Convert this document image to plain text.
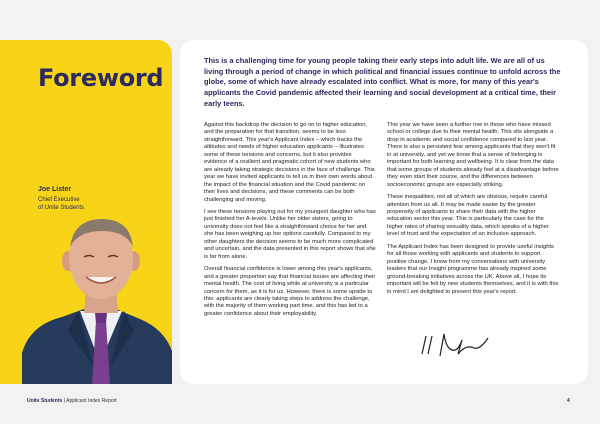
Foreword
Joe Lister
Chief Executive
of Unite Students

This is a challenging time for young people taking their early steps into adult life. We are all of us living through a period of change in which political and financial issues continue to unfold across the globe, some of which have already escalated into conflict. What is more, for many of this year's applicants the Covid pandemic affected their learning and social development at a critical time, their early teens.

Against this backdrop the decision to go on to higher education, and the preparation for that transition, seems to be less straightforward. This year's Applicant Index – which tracks the altitudes and needs of higher education applicants – illustrates some of these tensions and concerns, but it also provides evidence of a resilient and pragmatic cohort of new students who are already taking strategic decisions in the face of challenge. This year we have invited applicants to tell us in their own words about the impact of the financial situation and the Covid pandemic on their lives and decisions, and these comments can be both challenging and moving.

I see these tensions playing out for my youngest daughter who has just finished her A-levels. Unlike her older sisters, going to university does not feel like a straightforward choice for her and she has been weighing up her options carefully. Compared to my other daughters the decision seems to be much more complicated and uncertain, and the data presented in this report shows that she is far from alone.

Overall financial confidence is lower among this year's applicants, and a greater proportion say that financial issues are affecting their mental health. The cost of living while at university is a particular concern for them, as it is for us. However, there is some upside to this: applicants are clearly taking steps to address the challenge, with the majority of them working part time, and this has led to a greater confidence about their employability.

This year we have seen a further rise in those who have missed school or college due to their mental health. This sits alongside a drop in academic and social confidence compared to last year. There is also a persistent fear among applicants that they won't fit in at university, and yet we know that a sense of belonging is important for both learning and wellbeing. It is clear from the data that some groups of students already feel at a disadvantage before they even start their course, and the differences between socioeconomic groups are especially striking.

These inequalities, not all of which are obvious, require careful attention from us all. It may be made easier by the greater propensity of applicants to share their data with the higher education sector this year. This is particularly the case for the higher rates of sharing sexuality data, which speaks of a higher level of trust and the expectation of an inclusive approach.

The Applicant Index has been designed to provide useful insights for all those working with applicants and students to support positive change. I know from my conversations with university leaders that our Insight programme has already inspired some ground-breaking initiatives across the UK. Above all, I hope its important will be felt by new students themselves, and it is with this in mind I am delighted to present this year's report.

Unite Students | Applicant Index Report	4
